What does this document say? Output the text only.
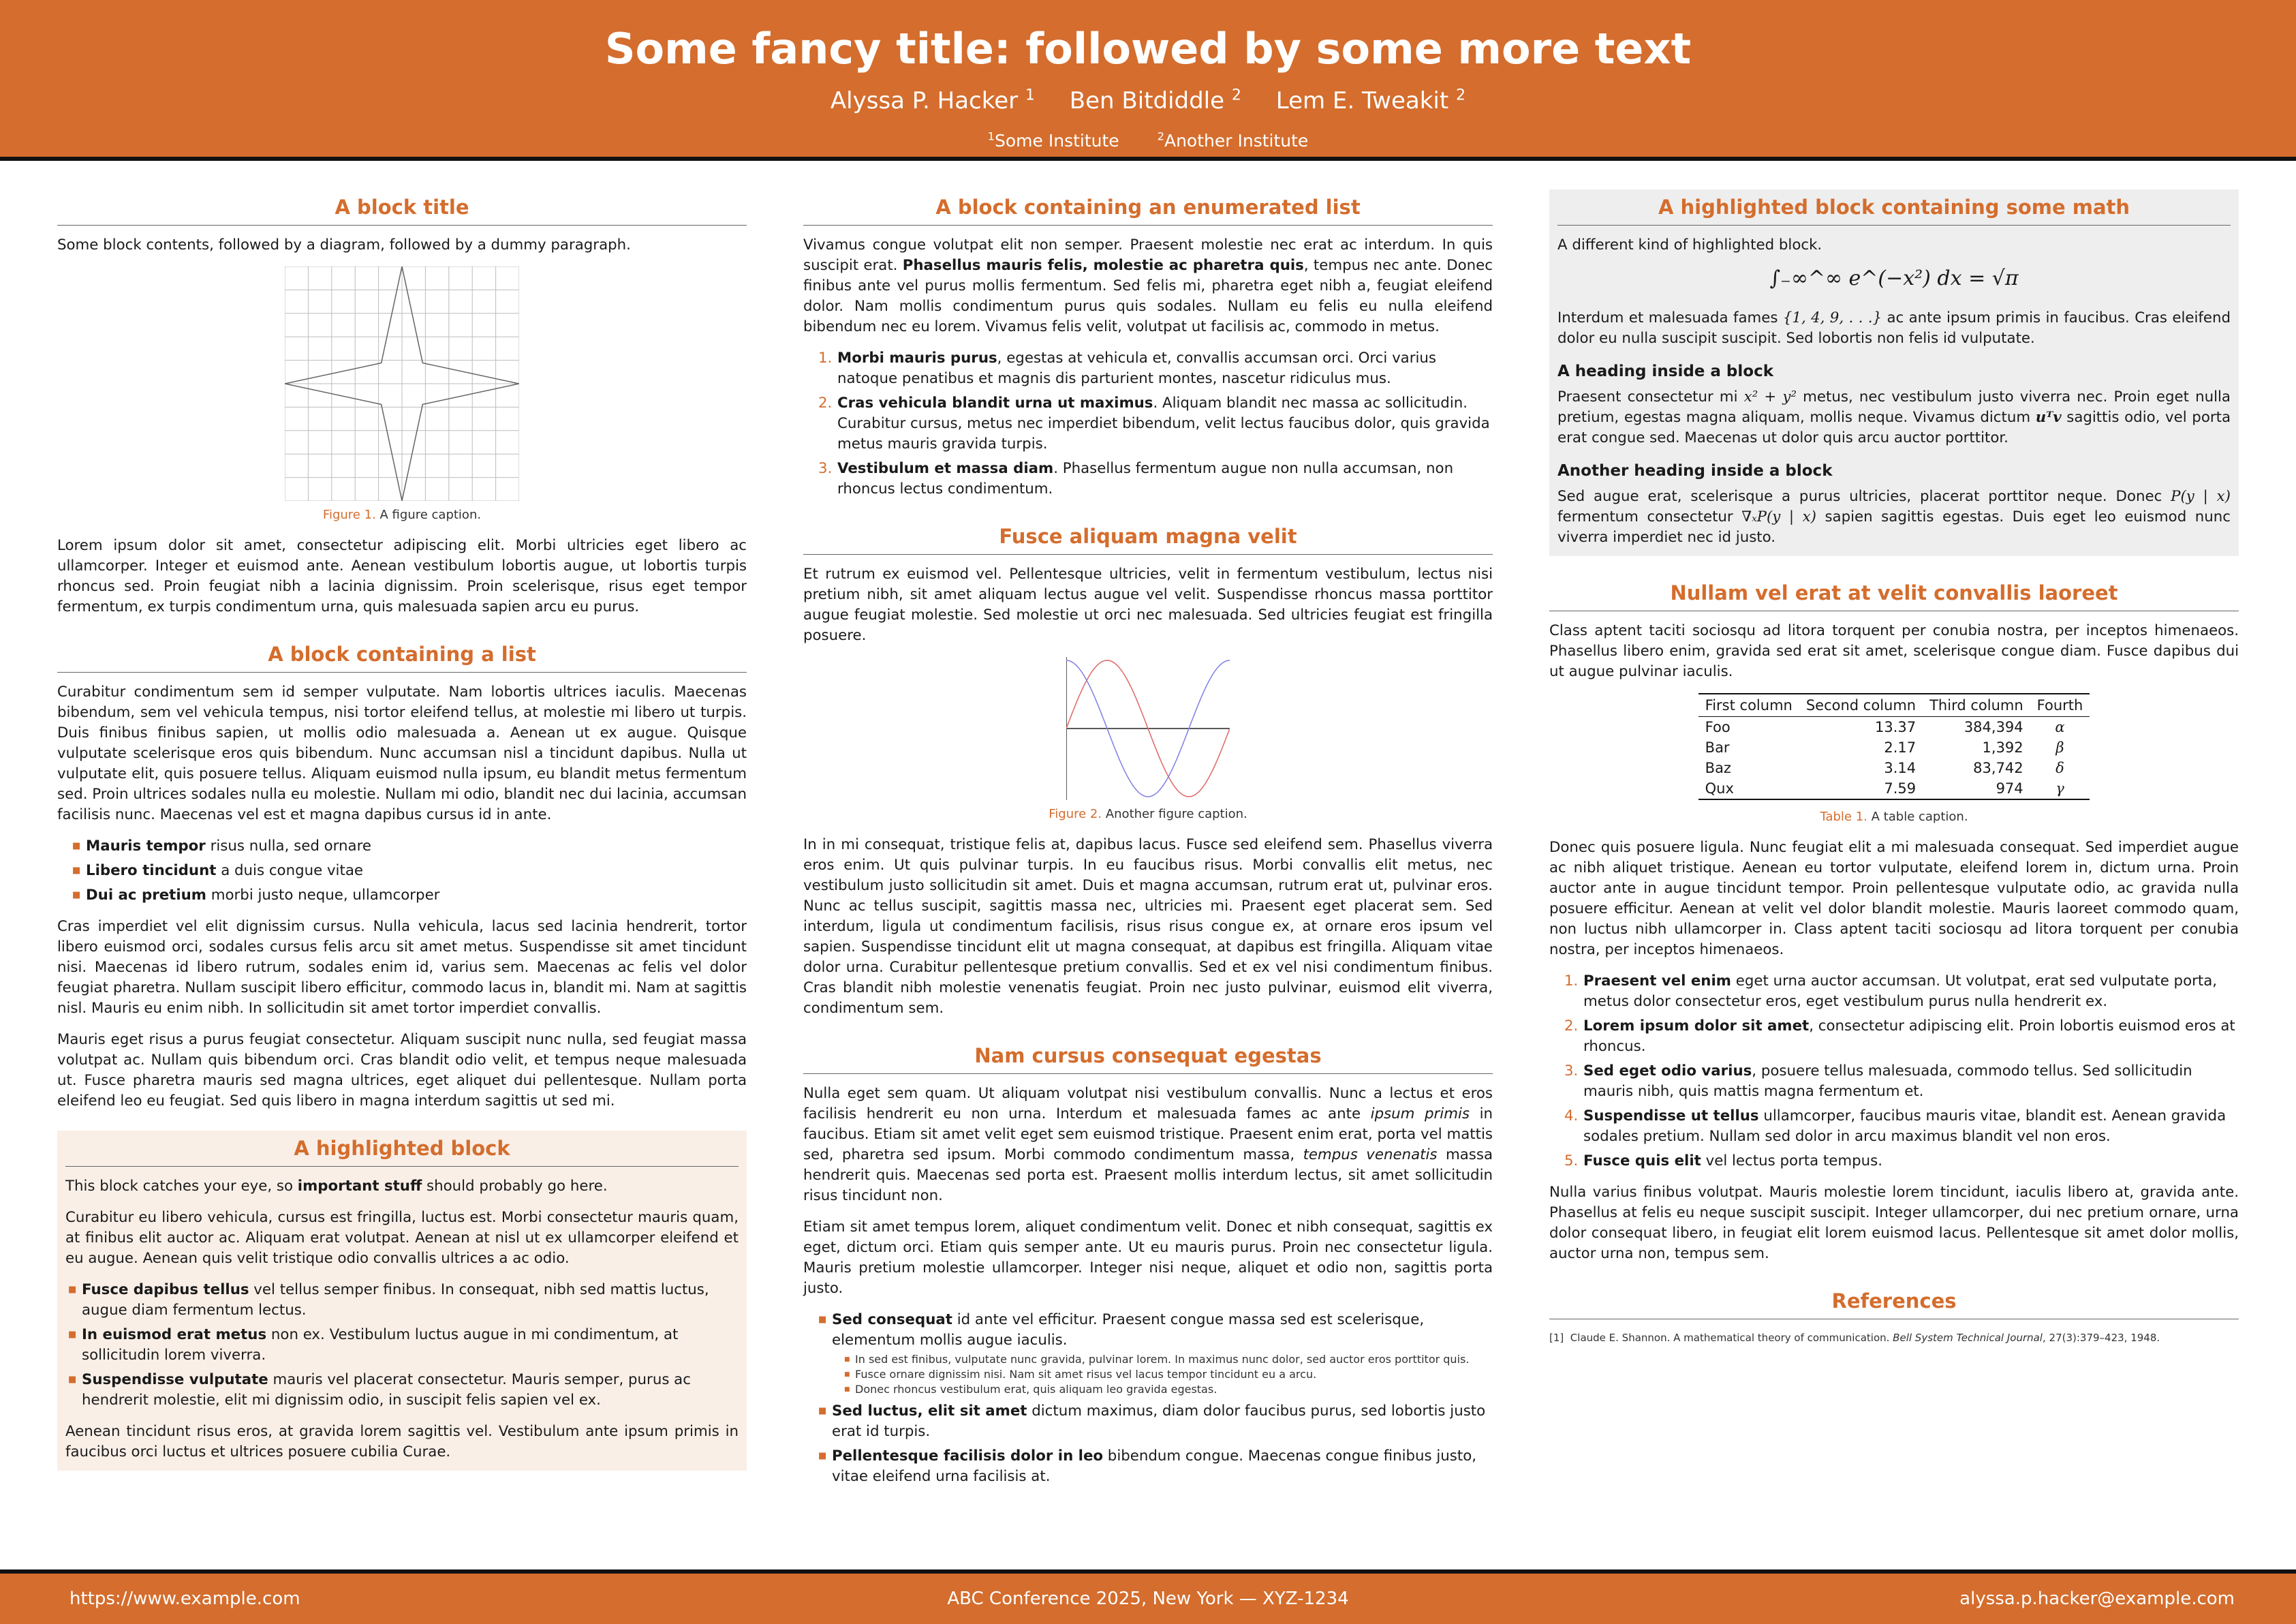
Some fancy title: followed by some more text
Alyssa P. Hacker $^1$ Ben Bitdiddle $^2$ Lem E. Tweakit $^2$
$^1$Some Institute	$^2$Another Institute
A block title

Some block contents, followed by a diagram, followed by a dummy paragraph.

Figure 1. A figure caption.

Lorem ipsum dolor sit amet, consectetur adipiscing elit. Morbi ultricies eget libero ac ullamcorper. Integer et euismod ante. Aenean vestibulum lobortis augue, ut lobortis turpis rhoncus sed. Proin feugiat nibh a lacinia dignissim. Proin scelerisque, risus eget tempor fermentum, ex turpis condimentum urna, quis malesuada sapien arcu eu purus.

A block containing a list

Curabitur condimentum sem id semper vulputate. Nam lobortis ultrices iaculis. Maecenas bibendum, sem vel vehicula tempus, nisi tortor eleifend tellus, at molestie mi libero ut turpis. Duis finibus finibus sapien, ut mollis odio malesuada a. Aenean ut ex augue. Quisque vulputate scelerisque eros quis bibendum. Nunc accumsan nisl a tincidunt dapibus. Nulla ut vulputate elit, quis posuere tellus. Aliquam euismod nulla ipsum, eu blandit metus fermentum sed. Proin ultrices sodales nulla eu molestie. Nullam mi odio, blandit nec dui lacinia, accumsan facilisis nunc. Maecenas vel est et magna dapibus cursus id in ante.

■ Mauris tempor risus nulla, sed ornare
■ Libero tincidunt a duis congue vitae
■ Dui ac pretium morbi justo neque, ullamcorper

Cras imperdiet vel elit dignissim cursus. Nulla vehicula, lacus sed lacinia hendrerit, tortor libero euismod orci, sodales cursus felis arcu sit amet metus. Suspendisse sit amet tincidunt nisi. Maecenas id libero rutrum, sodales enim id, varius sem. Maecenas ac felis vel dolor feugiat pharetra. Nullam suscipit libero efficitur, commodo lacus in, blandit mi. Nam at sagittis nisl. Mauris eu enim nibh. In sollicitudin sit amet tortor imperdiet convallis.

Mauris eget risus a purus feugiat consectetur. Aliquam suscipit nunc nulla, sed feugiat massa volutpat ac. Nullam quis bibendum orci. Cras blandit odio velit, et tempus neque malesuada ut. Fusce pharetra mauris sed magna ultrices, eget aliquet dui pellentesque. Nullam porta eleifend leo eu feugiat. Sed quis libero in magna interdum sagittis ut sed mi.

A highlighted block

This block catches your eye, so important stuff should probably go here.

Curabitur eu libero vehicula, cursus est fringilla, luctus est. Morbi consectetur mauris quam, at finibus elit auctor ac. Aliquam erat volutpat. Aenean at nisl ut ex ullamcorper eleifend et eu augue. Aenean quis velit tristique odio convallis ultrices a ac odio.

■ Fusce dapibus tellus vel tellus semper finibus. In consequat, nibh sed mattis luctus, augue diam fermentum lectus.
■ In euismod erat metus non ex. Vestibulum luctus augue in mi condimentum, at sollicitudin lorem viverra.
■ Suspendisse vulputate mauris vel placerat consectetur. Mauris semper, purus ac hendrerit molestie, elit mi dignissim odio, in suscipit felis sapien vel ex.

Aenean tincidunt risus eros, at gravida lorem sagittis vel. Vestibulum ante ipsum primis in faucibus orci luctus et ultrices posuere cubilia Curae.

A block containing an enumerated list

Vivamus congue volutpat elit non semper. Praesent molestie nec erat ac interdum. In quis suscipit erat. Phasellus mauris felis, molestie ac pharetra quis, tempus nec ante. Donec finibus ante vel purus mollis fermentum. Sed felis mi, pharetra eget nibh a, feugiat eleifend dolor. Nam mollis condimentum purus quis sodales. Nullam eu felis eu nulla eleifend bibendum nec eu lorem. Vivamus felis velit, volutpat ut facilisis ac, commodo in metus.

1. Morbi mauris purus, egestas at vehicula et, convallis accumsan orci. Orci varius natoque penatibus et magnis dis parturient montes, nascetur ridiculus mus.
2. Cras vehicula blandit urna ut maximus. Aliquam blandit nec massa ac sollicitudin. Curabitur cursus, metus nec imperdiet bibendum, velit lectus faucibus dolor, quis gravida metus mauris gravida turpis.
3. Vestibulum et massa diam. Phasellus fermentum augue non nulla accumsan, non rhoncus lectus condimentum.
Fusce aliquam magna velit

Et rutrum ex euismod vel. Pellentesque ultricies, velit in fermentum vestibulum, lectus nisi pretium nibh, sit amet aliquam lectus augue vel velit. Suspendisse rhoncus massa porttitor augue feugiat molestie. Sed molestie ut orci nec malesuada. Sed ultricies feugiat est fringilla posuere.

Figure 2. Another figure caption.

In in mi consequat, tristique felis at, dapibus lacus. Fusce sed eleifend sem. Phasellus viverra eros enim. Ut quis pulvinar turpis. In eu faucibus risus. Morbi convallis elit metus, nec vestibulum justo sollicitudin sit amet. Duis et magna accumsan, rutrum erat ut, pulvinar eros. Nunc ac tellus suscipit, sagittis massa nec, ultricies mi. Praesent eget placerat sem. Sed interdum, ligula ut condimentum facilisis, risus risus congue ex, at ornare eros ipsum vel sapien. Suspendisse tincidunt elit ut magna consequat, at dapibus est fringilla. Aliquam vitae dolor urna. Curabitur pellentesque pretium convallis. Sed et ex vel nisi condimentum finibus. Cras blandit nibh molestie venenatis feugiat. Proin nec justo pulvinar, euismod elit viverra, condimentum sem.

Nam cursus consequat egestas

Nulla eget sem quam. Ut aliquam volutpat nisi vestibulum convallis. Nunc a lectus et eros facilisis hendrerit eu non urna. Interdum et malesuada fames ac ante ipsum primis in faucibus. Etiam sit amet velit eget sem euismod tristique. Praesent enim erat, porta vel mattis sed, pharetra sed ipsum. Morbi commodo condimentum massa, tempus venenatis massa hendrerit quis. Maecenas sed porta est. Praesent mollis interdum lectus, sit amet sollicitudin risus tincidunt non.

Etiam sit amet tempus lorem, aliquet condimentum velit. Donec et nibh consequat, sagittis ex eget, dictum orci. Etiam quis semper ante. Ut eu mauris purus. Proin nec consectetur ligula. Mauris pretium molestie ullamcorper. Integer nisi neque, aliquet et odio non, sagittis porta justo.

■ Sed consequat id ante vel efficitur. Praesent congue massa sed est scelerisque, elementum mollis augue iaculis.
■ In sed est finibus, vulputate nunc gravida, pulvinar lorem. In maximus nunc dolor, sed auctor eros porttitor quis.
■ Fusce ornare dignissim nisi. Nam sit amet risus vel lacus tempor tincidunt eu a arcu.
■ Donec rhoncus vestibulum erat, quis aliquam leo gravida egestas.
■ Sed luctus, elit sit amet dictum maximus, diam dolor faucibus purus, sed lobortis justo erat id turpis.
■ Pellentesque facilisis dolor in leo bibendum congue. Maecenas congue finibus justo, vitae eleifend urna facilisis at.
A highlighted block containing some math

A different kind of highlighted block.

∫₋∞^∞ e^(−x²) dx = √π

Interdum et malesuada fames {1, 4, 9, . . .} ac ante ipsum primis in faucibus. Cras eleifend dolor eu nulla suscipit suscipit. Sed lobortis non felis id vulputate.

A heading inside a block

Praesent consectetur mi x² + y² metus, nec vestibulum justo viverra nec. Proin eget nulla pretium, egestas magna aliquam, mollis neque. Vivamus dictum uᵀv sagittis odio, vel porta erat congue sed. Maecenas ut dolor quis arcu auctor porttitor.

Another heading inside a block

Sed augue erat, scelerisque a purus ultricies, placerat porttitor neque. Donec P(y | x) fermentum consectetur ∇ₓP(y | x) sapien sagittis egestas. Duis eget leo euismod nunc viverra imperdiet nec id justo.

Nullam vel erat at velit convallis laoreet

Class aptent taciti sociosqu ad litora torquent per conubia nostra, per inceptos himenaeos. Phasellus libero enim, gravida sed erat sit amet, scelerisque congue diam. Fusce dapibus dui ut augue pulvinar iaculis.

First column	Second column	Third column	Fourth
Foo	13.37	384,394	α
Bar	2.17	1,392	β
Baz	3.14	83,742	δ
Qux	7.59	974	γ
Table 1. A table caption.

Donec quis posuere ligula. Nunc feugiat elit a mi malesuada consequat. Sed imperdiet augue ac nibh aliquet tristique. Aenean eu tortor vulputate, eleifend lorem in, dictum urna. Proin auctor ante in augue tincidunt tempor. Proin pellentesque vulputate odio, ac gravida nulla posuere efficitur. Aenean at velit vel dolor blandit molestie. Mauris laoreet commodo quam, non luctus nibh ullamcorper in. Class aptent taciti sociosqu ad litora torquent per conubia nostra, per inceptos himenaeos.

1. Praesent vel enim eget urna auctor accumsan. Ut volutpat, erat sed vulputate porta, metus dolor consectetur eros, eget vestibulum purus nulla hendrerit ex.
2. Lorem ipsum dolor sit amet, consectetur adipiscing elit. Proin lobortis euismod eros at rhoncus.
3. Sed eget odio varius, posuere tellus malesuada, commodo tellus. Sed sollicitudin mauris nibh, quis mattis magna fermentum et.
4. Suspendisse ut tellus ullamcorper, faucibus mauris vitae, blandit est. Aenean gravida sodales pretium. Nullam sed dolor in arcu maximus blandit vel non eros.
5. Fusce quis elit vel lectus porta tempus.

Nulla varius finibus volutpat. Mauris molestie lorem tincidunt, iaculis libero at, gravida ante. Phasellus at felis eu neque suscipit suscipit. Integer ullamcorper, dui nec pretium ornare, urna dolor consequat libero, in feugiat elit lorem euismod lacus. Pellentesque sit amet dolor mollis, auctor urna non, tempus sem.

References
[1] Claude E. Shannon. A mathematical theory of communication. Bell System Technical Journal, 27(3):379–423, 1948.
https://www.example.com	ABC Conference 2025, New York — XYZ-1234	alyssa.p.hacker@example.com
